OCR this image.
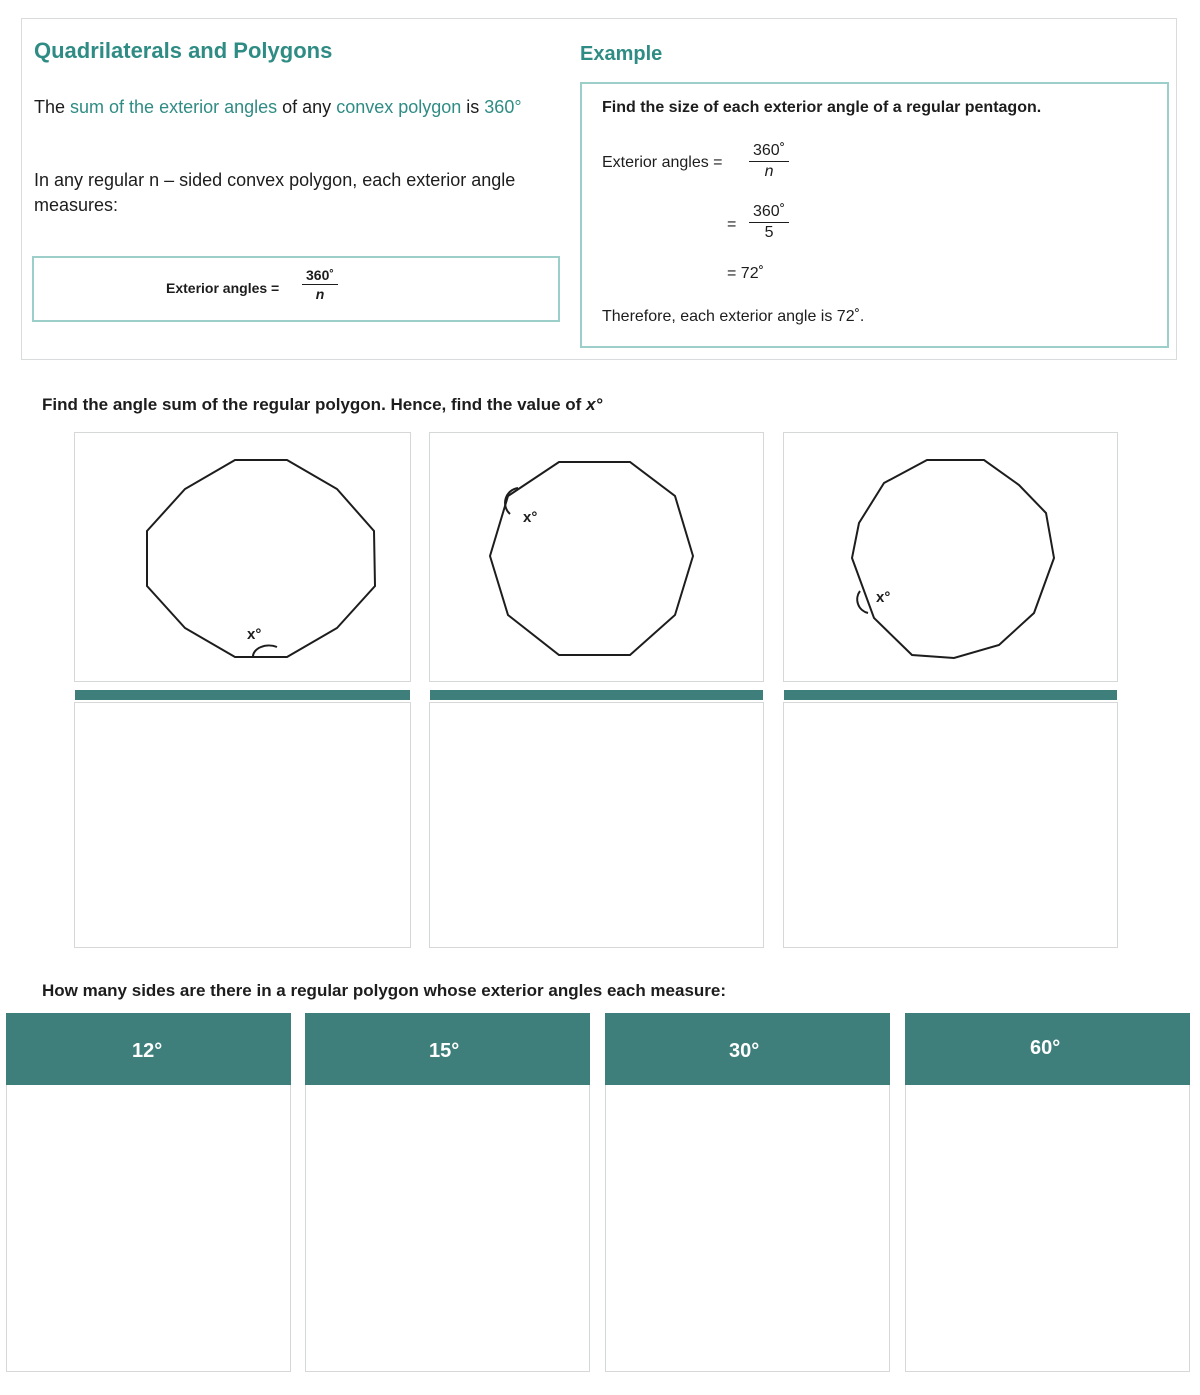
Quadrilaterals and Polygons
The sum of the exterior angles of any convex polygon is 360°
In any regular n – sided convex polygon, each exterior angle measures:
Exterior angles = $\frac{360˚}{n}$
Example
Find the size of each exterior angle of a regular pentagon.
Exterior angles = $\frac{360˚}{n}$
= $\frac{360˚}{5}$
= 72˚
Therefore, each exterior angle is 72˚.
Find the angle sum of the regular polygon. Hence, find the value of x°
x°
x°
x°
How many sides are there in a regular polygon whose exterior angles each measure:
12°	15°	30°	60°
